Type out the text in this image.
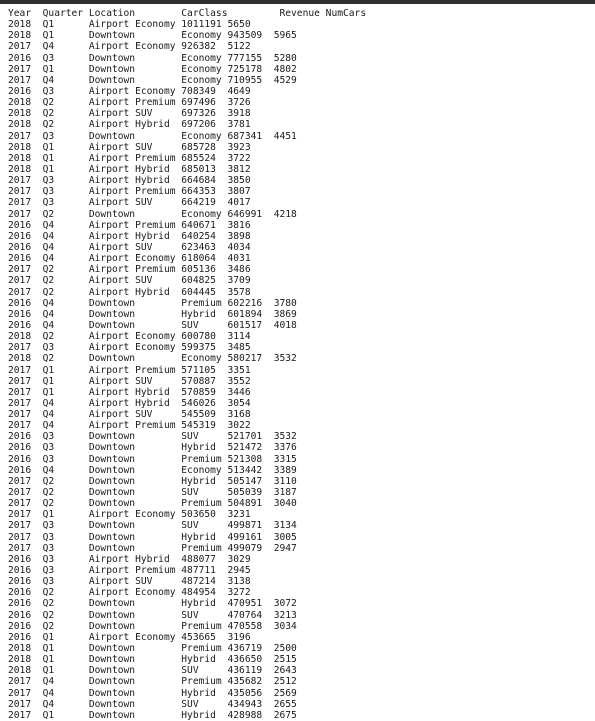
Year  Quarter Location        CarClass         Revenue NumCars
2018  Q1      Airport Economy 1011191 5650
2018  Q1      Downtown        Economy 943509  5965
2017  Q4      Airport Economy 926382  5122
2016  Q3      Downtown        Economy 777155  5280
2017  Q1      Downtown        Economy 725178  4802
2017  Q4      Downtown        Economy 710955  4529
2016  Q3      Airport Economy 708349  4649
2018  Q2      Airport Premium 697496  3726
2018  Q2      Airport SUV     697326  3918
2018  Q2      Airport Hybrid  697206  3781
2017  Q3      Downtown        Economy 687341  4451
2018  Q1      Airport SUV     685728  3923
2018  Q1      Airport Premium 685524  3722
2018  Q1      Airport Hybrid  685013  3812
2017  Q3      Airport Hybrid  664684  3850
2017  Q3      Airport Premium 664353  3807
2017  Q3      Airport SUV     664219  4017
2017  Q2      Downtown        Economy 646991  4218
2016  Q4      Airport Premium 640671  3816
2016  Q4      Airport Hybrid  640254  3898
2016  Q4      Airport SUV     623463  4034
2016  Q4      Airport Economy 618064  4031
2017  Q2      Airport Premium 605136  3486
2017  Q2      Airport SUV     604825  3709
2017  Q2      Airport Hybrid  604445  3578
2016  Q4      Downtown        Premium 602216  3780
2016  Q4      Downtown        Hybrid  601894  3869
2016  Q4      Downtown        SUV     601517  4018
2018  Q2      Airport Economy 600780  3114
2017  Q3      Airport Economy 599375  3485
2018  Q2      Downtown        Economy 580217  3532
2017  Q1      Airport Premium 571105  3351
2017  Q1      Airport SUV     570887  3552
2017  Q1      Airport Hybrid  570859  3446
2017  Q4      Airport Hybrid  546026  3054
2017  Q4      Airport SUV     545509  3168
2017  Q4      Airport Premium 545319  3022
2016  Q3      Downtown        SUV     521701  3532
2016  Q3      Downtown        Hybrid  521472  3376
2016  Q3      Downtown        Premium 521308  3315
2016  Q4      Downtown        Economy 513442  3389
2017  Q2      Downtown        Hybrid  505147  3110
2017  Q2      Downtown        SUV     505039  3187
2017  Q2      Downtown        Premium 504891  3040
2017  Q1      Airport Economy 503650  3231
2017  Q3      Downtown        SUV     499871  3134
2017  Q3      Downtown        Hybrid  499161  3005
2017  Q3      Downtown        Premium 499079  2947
2016  Q3      Airport Hybrid  488077  3029
2016  Q3      Airport Premium 487711  2945
2016  Q3      Airport SUV     487214  3138
2016  Q2      Airport Economy 484954  3272
2016  Q2      Downtown        Hybrid  470951  3072
2016  Q2      Downtown        SUV     470764  3213
2016  Q2      Downtown        Premium 470558  3034
2016  Q1      Airport Economy 453665  3196
2018  Q1      Downtown        Premium 436719  2500
2018  Q1      Downtown        Hybrid  436650  2515
2018  Q1      Downtown        SUV     436119  2643
2017  Q4      Downtown        Premium 435682  2512
2017  Q4      Downtown        Hybrid  435056  2569
2017  Q4      Downtown        SUV     434943  2655
2017  Q1      Downtown        Hybrid  428988  2675
